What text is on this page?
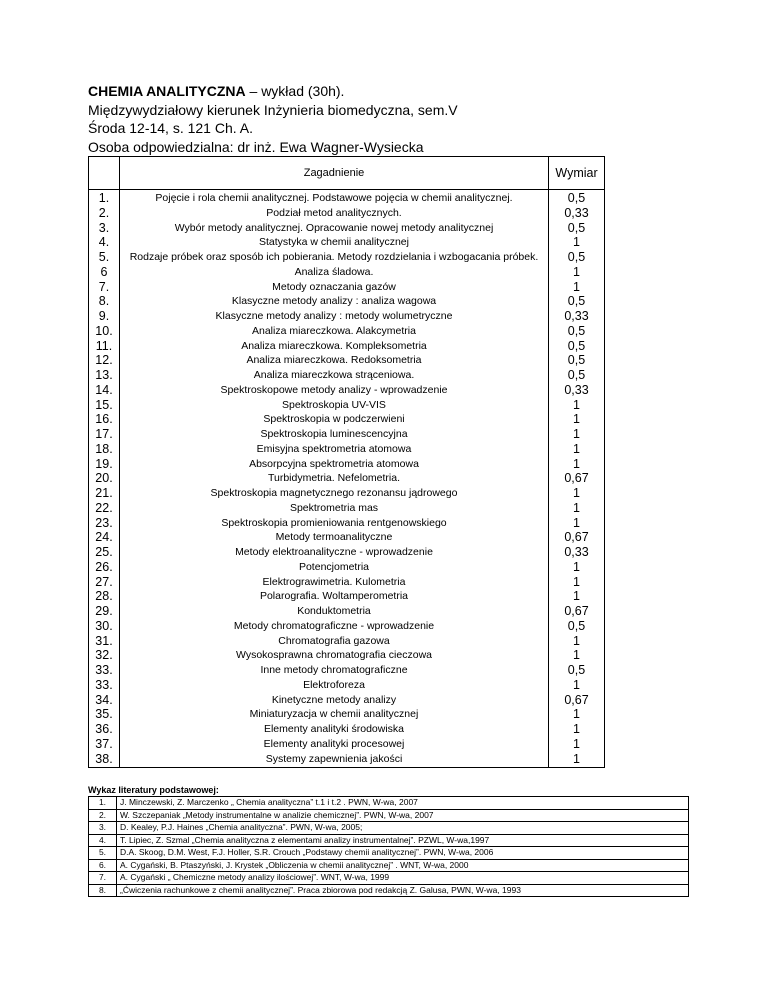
CHEMIA ANALITYCZNA – wykład (30h).
Międzywydziałowy kierunek Inżynieria biomedyczna, sem.V
Środa 12-14, s. 121 Ch. A.
Osoba odpowiedzialna: dr inż. Ewa Wagner-Wysiecka
	Zagadnienie	Wymiar
1.	Pojęcie i rola chemii analitycznej. Podstawowe pojęcia w chemii analitycznej.	0,5
2.	Podział metod analitycznych.	0,33
3.	Wybór metody analitycznej. Opracowanie nowej metody analitycznej	0,5
4.	Statystyka w chemii analitycznej	1
5.	Rodzaje próbek oraz sposób ich pobierania. Metody rozdzielania i wzbogacania próbek.	0,5
6	Analiza śladowa.	1
7.	Metody oznaczania gazów	1
8.	Klasyczne metody analizy : analiza wagowa	0,5
9.	Klasyczne metody analizy : metody wolumetryczne	0,33
10.	Analiza miareczkowa. Alakcymetria	0,5
11.	Analiza miareczkowa. Kompleksometria	0,5
12.	Analiza miareczkowa. Redoksometria	0,5
13.	Analiza miareczkowa strąceniowa.	0,5
14.	Spektroskopowe metody analizy - wprowadzenie	0,33
15.	Spektroskopia UV-VIS	1
16.	Spektroskopia w podczerwieni	1
17.	Spektroskopia luminescencyjna	1
18.	Emisyjna spektrometria atomowa	1
19.	Absorpcyjna spektrometria atomowa	1
20.	Turbidymetria. Nefelometria.	0,67
21.	Spektroskopia magnetycznego rezonansu jądrowego	1
22.	Spektrometria mas	1
23.	Spektroskopia promieniowania rentgenowskiego	1
24.	Metody termoanalityczne	0,67
25.	Metody elektroanalityczne - wprowadzenie	0,33
26.	Potencjometria	1
27.	Elektrograwimetria. Kulometria	1
28.	Polarografia. Woltamperometria	1
29.	Konduktometria	0,67
30.	Metody chromatograficzne - wprowadzenie	0,5
31.	Chromatografia gazowa	1
32.	Wysokosprawna chromatografia cieczowa	1
33.	Inne metody chromatograficzne	0,5
33.	Elektroforeza	1
34.	Kinetyczne metody analizy	0,67
35.	Miniaturyzacja w chemii analitycznej	1
36.	Elementy analityki środowiska	1
37.	Elementy analityki procesowej	1
38.	Systemy zapewnienia jakości	1
Wykaz literatury podstawowej:
1.	J. Minczewski, Z. Marczenko „ Chemia analityczna” t.1 i t.2 . PWN, W-wa, 2007
2.	W. Szczepaniak „Metody instrumentalne w analizie chemicznej”. PWN, W-wa, 2007
3.	D. Kealey, P.J. Haines „Chemia analityczna”. PWN, W-wa, 2005;
4.	T. Lipiec, Z. Szmal „Chemia analityczna z elementami analizy instrumentalnej”. PZWL, W-wa,1997
5.	D.A. Skoog, D.M. West, F.J. Holler, S.R. Crouch „Podstawy chemii analitycznej”. PWN, W-wa, 2006
6.	A. Cygański, B. Ptaszyński, J. Krystek „Obliczenia w chemii analitycznej” . WNT, W-wa, 2000
7.	A. Cygański „ Chemiczne metody analizy ilościowej”. WNT, W-wa, 1999
8.	„Ćwiczenia rachunkowe z chemii analitycznej”. Praca zbiorowa pod redakcją Z. Galusa, PWN, W-wa, 1993
